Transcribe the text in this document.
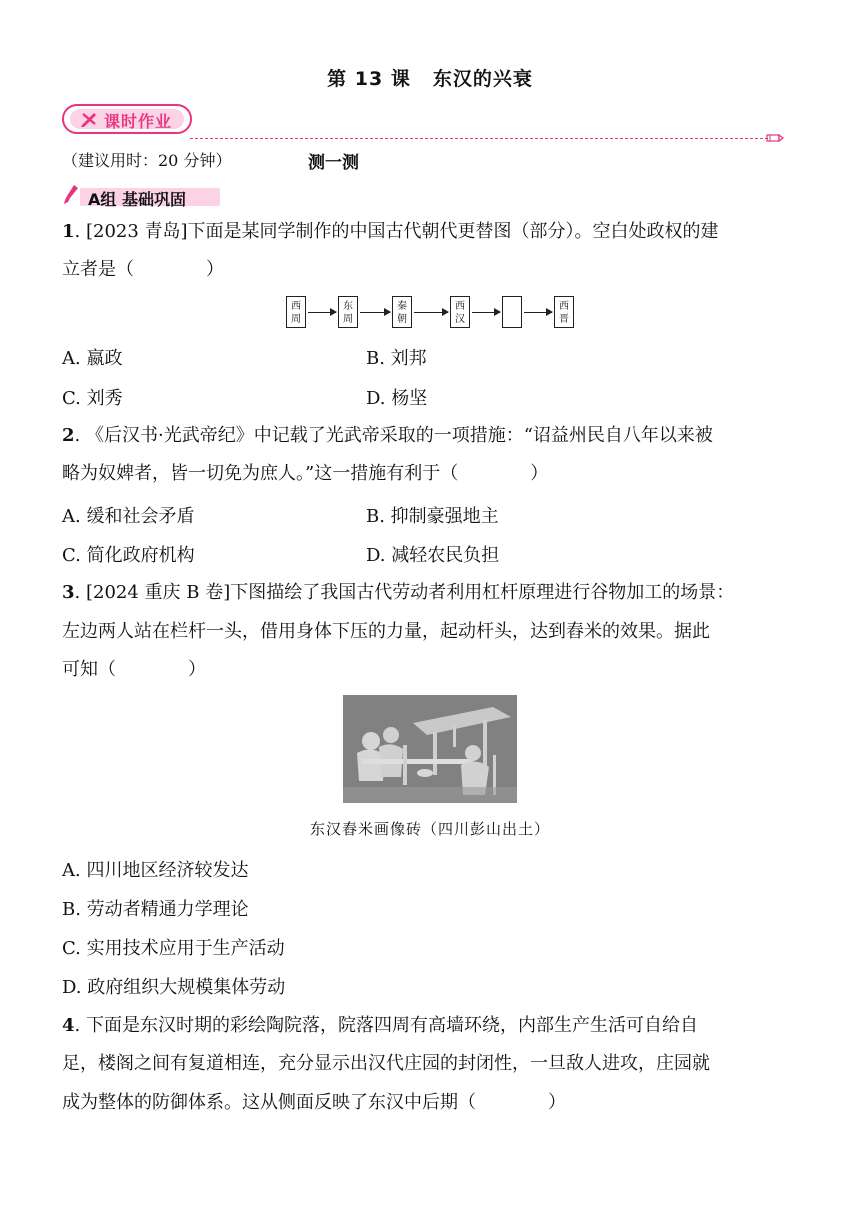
第 13 课 东汉的兴衰
课时作业
（建议用时：20 分钟）	测一测
A组 基础巩固
1. [2023 青岛]下面是某同学制作的中国古代朝代更替图（部分）。空白处政权的建
立者是（　　　　）
西
周
东
周
秦
朝
西
汉

西
晋
A. 嬴政	B. 刘邦
C. 刘秀	D. 杨坚
2. 《后汉书·光武帝纪》中记载了光武帝采取的一项措施：“诏益州民自八年以来被
略为奴婢者，皆一切免为庶人。”这一措施有利于（　　　　）
A. 缓和社会矛盾	B. 抑制豪强地主
C. 简化政府机构	D. 减轻农民负担
3. [2024 重庆 B 卷]下图描绘了我国古代劳动者利用杠杆原理进行谷物加工的场景：
左边两人站在栏杆一头，借用身体下压的力量，起动杆头，达到舂米的效果。据此
可知（　　　　）
东汉舂米画像砖（四川彭山出土）
A. 四川地区经济较发达
B. 劳动者精通力学理论
C. 实用技术应用于生产活动
D. 政府组织大规模集体劳动
4. 下面是东汉时期的彩绘陶院落，院落四周有高墙环绕，内部生产生活可自给自
足，楼阁之间有复道相连，充分显示出汉代庄园的封闭性，一旦敌人进攻，庄园就
成为整体的防御体系。这从侧面反映了东汉中后期（　　　　）
